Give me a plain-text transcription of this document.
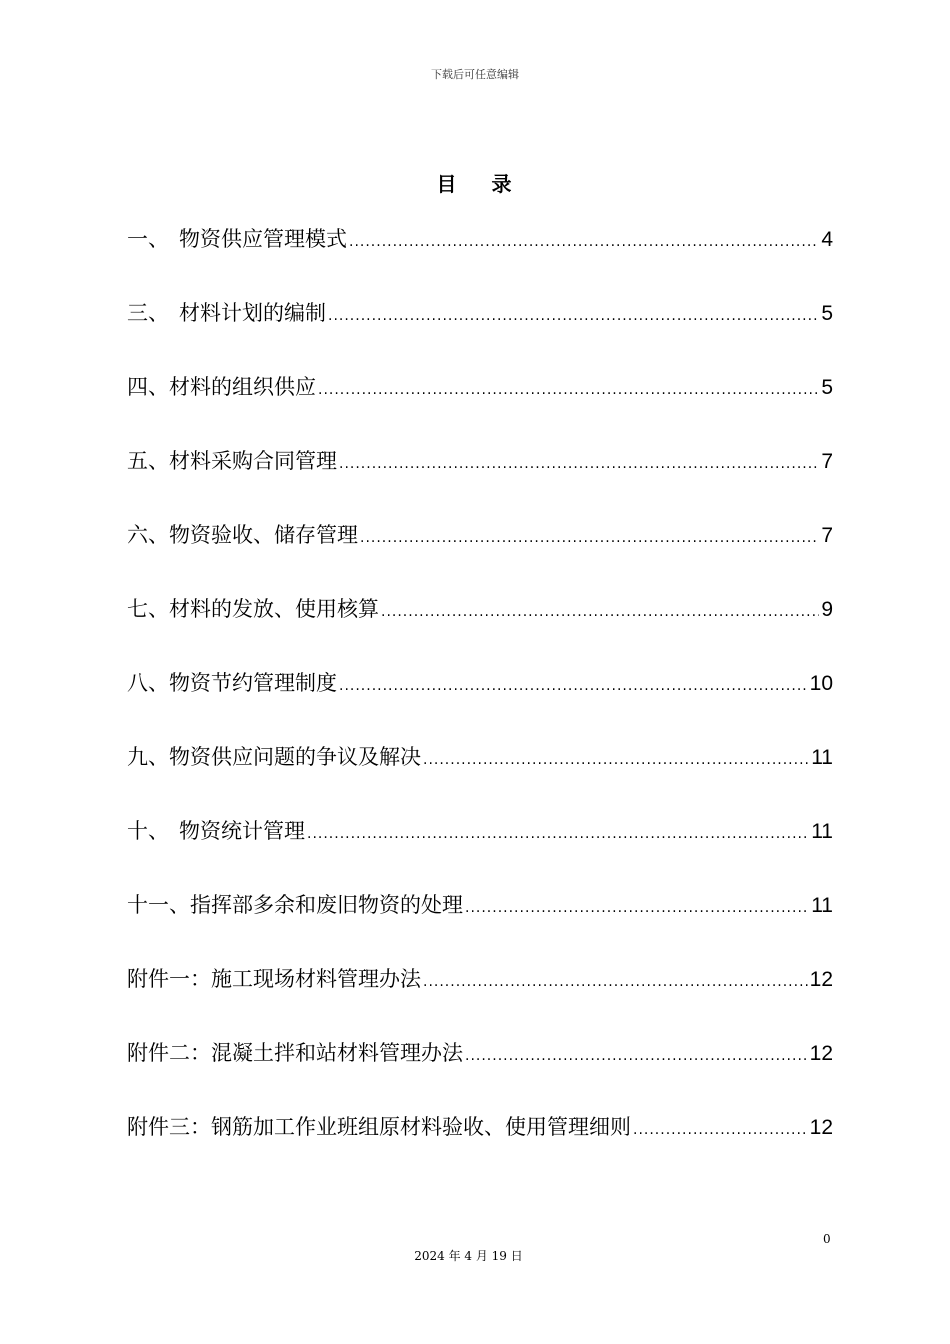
下载后可任意编辑
目 录
一、 物资供应管理模式 .....	4
三、 材料计划的编制 .....	5
四、 材料的组织供应 .....	5
五、 材料采购合同管理 .....	7
六、 物资验收、储存管理 .....	7
七、 材料的发放、使用核算 .....	9
八、 物资节约管理制度 .....	10
九、 物资供应问题的争议及解决 .....	11
十、 物资统计管理 .....	11
十一、 指挥部多余和废旧物资的处理 .....	11
附件一： 施工现场材料管理办法 .....	12
附件二： 混凝土拌和站材料管理办法 .....	12
附件三： 钢筋加工作业班组原材料验收、使用管理细则 .....	12
0
2024 年 4 月 19 日
